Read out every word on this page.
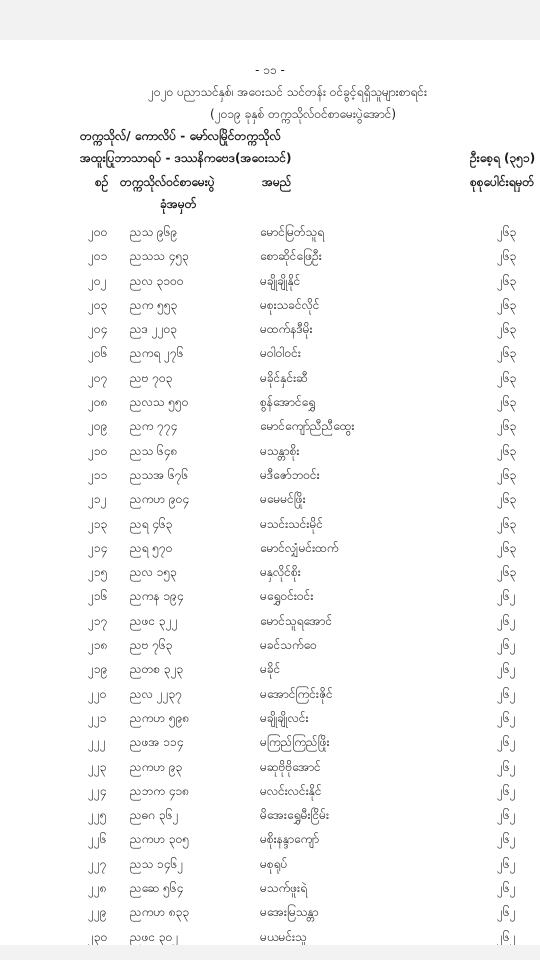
- ၁၁ -
၂၀၂၀ ပညာသင်နှစ်၊ အဝေးသင် သင်တန်း ဝင်ခွင့်ရရှိသူများစာရင်း
(၂၀၁၉ ခုနှစ် တက္ကသိုလ်ဝင်စာမေးပွဲအောင်)
တက္ကသိုလ်/ ကောလိပ် - မော်လမြိုင်တက္ကသိုလ်
အထူးပြုဘာသာရပ် - ဒဿနိကဗေဒ(အဝေးသင်)	ဦးစေ့ရ (၃၅၁)
စဉ် တက္ကသိုလ်ဝင်စာမေးပွဲ
ခုံအမှတ်
အမည်	စုစုပေါင်းရမှတ်
၂၀၀ ညသ ၉၆၉	မောင်မြတ်သူရ	၂၆၃
၂၀၁ ညသသ ၄၅၃	စောဆိုင်ဖြေဦး	၂၆၃
၂၀၂ ညလ ၃၁၀၀	မချိုချိုနိုင်	၂၆၃
၂၀၃ ညက ၅၅၃	မစုးသခင်လိုင်	၂၆၃
၂၀၄ ညဒ ၂၂၀၃	မထက်နဒီမိုး	၂၆၃
၂၀၆ ညကရ ၂၇၆	မဝါဝါဝင်း	၂၆၃
၂၀၇ ညဗ ၇၀၃	မခိုင်နှင်းဆီ	၂၆၃
၂၀၈ ညလသ ၅၅၀	စွန်အောင်ရွှေ	၂၆၃
၂၀၉ ညက ၇၇၄	မောင်ကျော်ညီညီထွေး	၂၆၃
၂၁၀ ညသ ၆၄၈	မသန္တာစိုး	၂၆၃
၂၁၁ ညသအ ၆၇၆	မဒီဇော်ဘဝင်း	၂၆၃
၂၁၂ ညကဟ ၉၀၄	မမေမင်ဖြိုး	၂၆၃
၂၁၃ ညရ ၄၆၃	မသင်းသင်းမိုင်	၂၆၃
၂၁၄ ညရ ၅၇၀	မောင်လျှံမင်းထက်	၂၆၃
၂၁၅ ညလ ၁၅၃	မနှလိုင်စိုး	၂၆၃
၂၁၆ ညကန ၁၉၄	မရွှေဝင်းဝင်း	၂၆၂
၂၁၇ ညဖင ၃၂၂	မောင်သူရအောင်	၂၆၂
၂၁၈ ညဗ ၇၆၃	မခင်သက်ဝေ	၂၆၂
၂၁၉ ညတစ ၃၂၃	မခိုင်	၂၆၂
၂၂၀ ညလ ၂၂၃၇	မအောင်ကြင်းဇိုင်	၂၆၂
၂၂၁ ညကဟ ၅၉၈	မချိုချိုလင်း	၂၆၂
၂၂၂ ညဖအ ၁၁၄	မကြည်ကြည်ဖြိုး	၂၆၂
၂၂၃ ညကဟ ၉၃	မဆုဗိုဗိုအောင်	၂၆၂
၂၂၄ ညဘက ၄၁၈	မလင်းလင်းနိုင်	၂၆၂
၂၂၅ ညဓဂ ၃၆၂	မိအေးရွှေမီးငြိမ်း	၂၆၂
၂၂၆ ညကဟ ၃၀၅	မစိုးနန္ဒာကျော်	၂၆၂
၂၂၇ ညသ ၁၄၆၂	မစုရုပ်	၂၆၂
၂၂၈ ညဆေ ၅၆၄	မသက်ဖူးရဲ	၂၆၂
၂၂၉ ညကဟ ၈၃၃	မအေးမြသန္တာ	၂၆၂
၂၃၀ ညဖင ၃၀၂	မယမင်းသူ	၂၆၂
